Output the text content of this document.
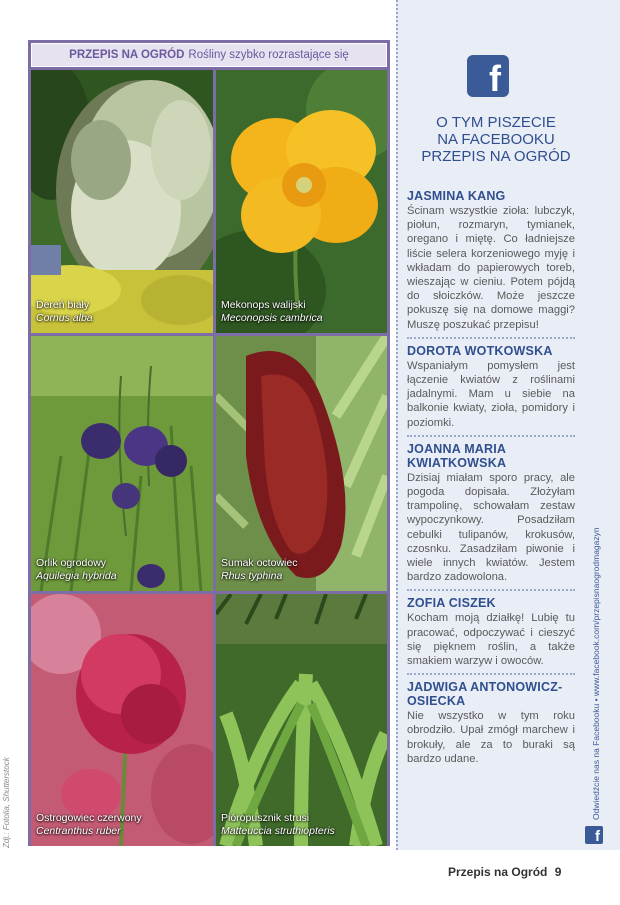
PRZEPIS NA OGRÓD Rośliny szybko rozrastające się
Dereń biały
Cornus alba
Mekonops walijski
Meconopsis cambrica
Orlik ogrodowy
Aquilegia hybrida
Sumak octowiec
Rhus typhina
Ostrogowiec czerwony
Centranthus ruber
Pióropusznik strusi
Matteuccia struthiopteris
Zdj.: Fotolia, Shutterstock
f
O TYM PISZECIE
NA FACEBOOKU
PRZEPIS NA OGRÓD
JASMINA KANG
Ścinam wszystkie zioła: lubczyk, piołun, rozmaryn, tymianek, oregano i miętę. Co ładniejsze liście selera korzeniowego myję i wkładam do papierowych toreb, wieszając w cieniu. Potem pójdą do słoiczków. Może jeszcze pokuszę się na domowe maggi? Muszę poszukać przepisu!
DOROTA WOTKOWSKA
Wspaniałym pomysłem jest łączenie kwiatów z roślinami jadalnymi. Mam u siebie na balkonie kwiaty, zioła, pomidory i poziomki.
JOANNA MARIA KWIATKOWSKA
Dzisiaj miałam sporo pracy, ale pogoda dopisała. Złożyłam trampolinę, schowałam zestaw wypoczynkowy. Posadziłam cebulki tulipanów, krokusów, czosnku. Zasadziłam piwonie i wiele innych kwiatów. Jestem bardzo zadowolona.
ZOFIA CISZEK
Kocham moją działkę! Lubię tu pracować, odpoczywać i cieszyć się pięknem roślin, a także smakiem warzyw i owoców.
JADWIGA ANTONOWICZ-OSIECKA
Nie wszystko w tym roku obrodziło. Upał zmógł marchew i brokuły, ale za to buraki są bardzo udane.	Odwiedźcie nas na Facebooku • www.facebook.com/przepisnaogrodmagazyn
f
Przepis na Ogród 9
